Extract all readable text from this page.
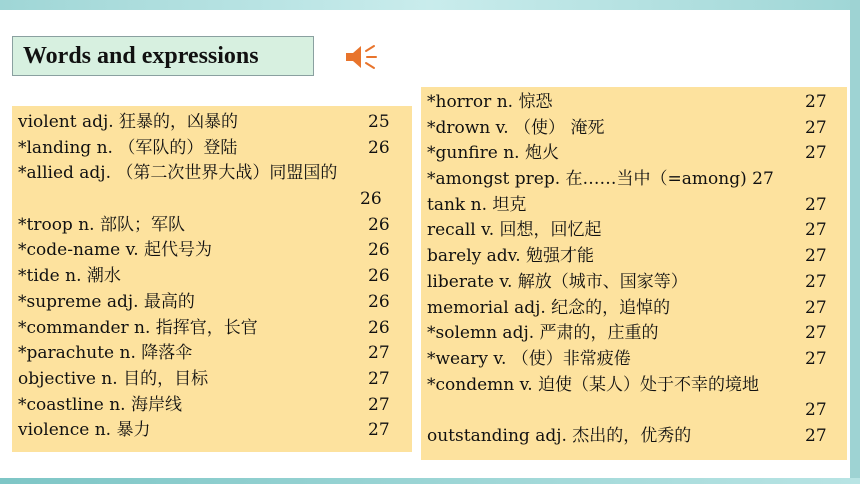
Words and expressions
violent adj. 狂暴的，凶暴的	25
*landing n. （军队的）登陆	26
*allied adj. （第二次世界大战）同盟国的
26
*troop n. 部队；军队	26
*code-name v. 起代号为	26
*tide n. 潮水	26
*supreme adj. 最高的	26
*commander n. 指挥官，长官	26
*parachute n. 降落伞	27
objective n. 目的，目标	27
*coastline n. 海岸线	27
violence n. 暴力	27
*horror n. 惊恐	27
*drown v. （使） 淹死	27
*gunfire n. 炮火	27
*amongst prep. 在……当中（=among) 27
tank n. 坦克	27
recall v. 回想，回忆起	27
barely adv. 勉强才能	27
liberate v. 解放（城市、国家等）	27
memorial adj. 纪念的，追悼的	27
*solemn adj. 严肃的，庄重的	27
*weary v. （使）非常疲倦	27
*condemn v. 迫使（某人）处于不幸的境地
27
outstanding adj. 杰出的，优秀的	27
